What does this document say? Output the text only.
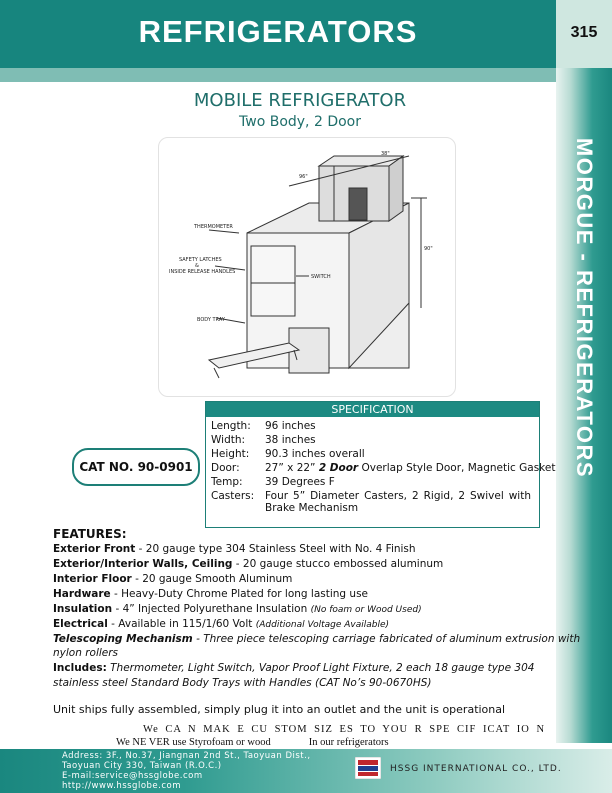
REFRIGERATORS	315
MORGUE - REFRIGERATORS
MOBILE REFRIGERATOR
Two Body, 2 Door
THERMOMETER
SAFETY LATCHES
&
INSIDE RELEASE HANDLES
SWITCH
BODY TRAY
96"
38"
90"
SPECIFICATION
Length: 96 inches
Width: 38 inches
Height: 90.3 inches overall
Door: 27” x 22” 2 Door Overlap Style Door, Magnetic Gasket
Temp: 39 Degrees F
Casters: Four 5” Diameter Casters, 2 Rigid, 2 Swivel with Brake Mechanism
CAT NO. 90-0901
FEATURES:
Exterior Front - 20 gauge type 304 Stainless Steel with No. 4 Finish
Exterior/Interior Walls, Ceiling - 20 gauge stucco embossed aluminum
Interior Floor - 20 gauge Smooth Aluminum
Hardware - Heavy-Duty Chrome Plated for long lasting use
Insulation - 4” Injected Polyurethane Insulation (No foam or Wood Used)
Electrical - Available in 115/1/60 Volt (Additional Voltage Available)
Telescoping Mechanism - Three piece telescoping carriage fabricated of aluminum extrusion with
nylon rollers
Includes: Thermometer, Light Switch, Vapor Proof Light Fixture, 2 each 18 gauge type 304
stainless steel Standard Body Trays with Handles (CAT No’s 90-0670HS)
Unit ships fully assembled, simply plug it into an outlet and the unit is operational
We CA N MAK E CU STOM SIZ ES TO YOU R SPE CIF ICAT IO N
We NE VER use Styrofoam or wood	In our refrigerators
Address: 3F., No.37, Jiangnan 2nd St., Taoyuan Dist.,
Taoyuan City 330, Taiwan (R.O.C.)
E-mail:service@hssglobe.com
http://www.hssglobe.com
HSSG INTERNATIONAL CO., LTD.
